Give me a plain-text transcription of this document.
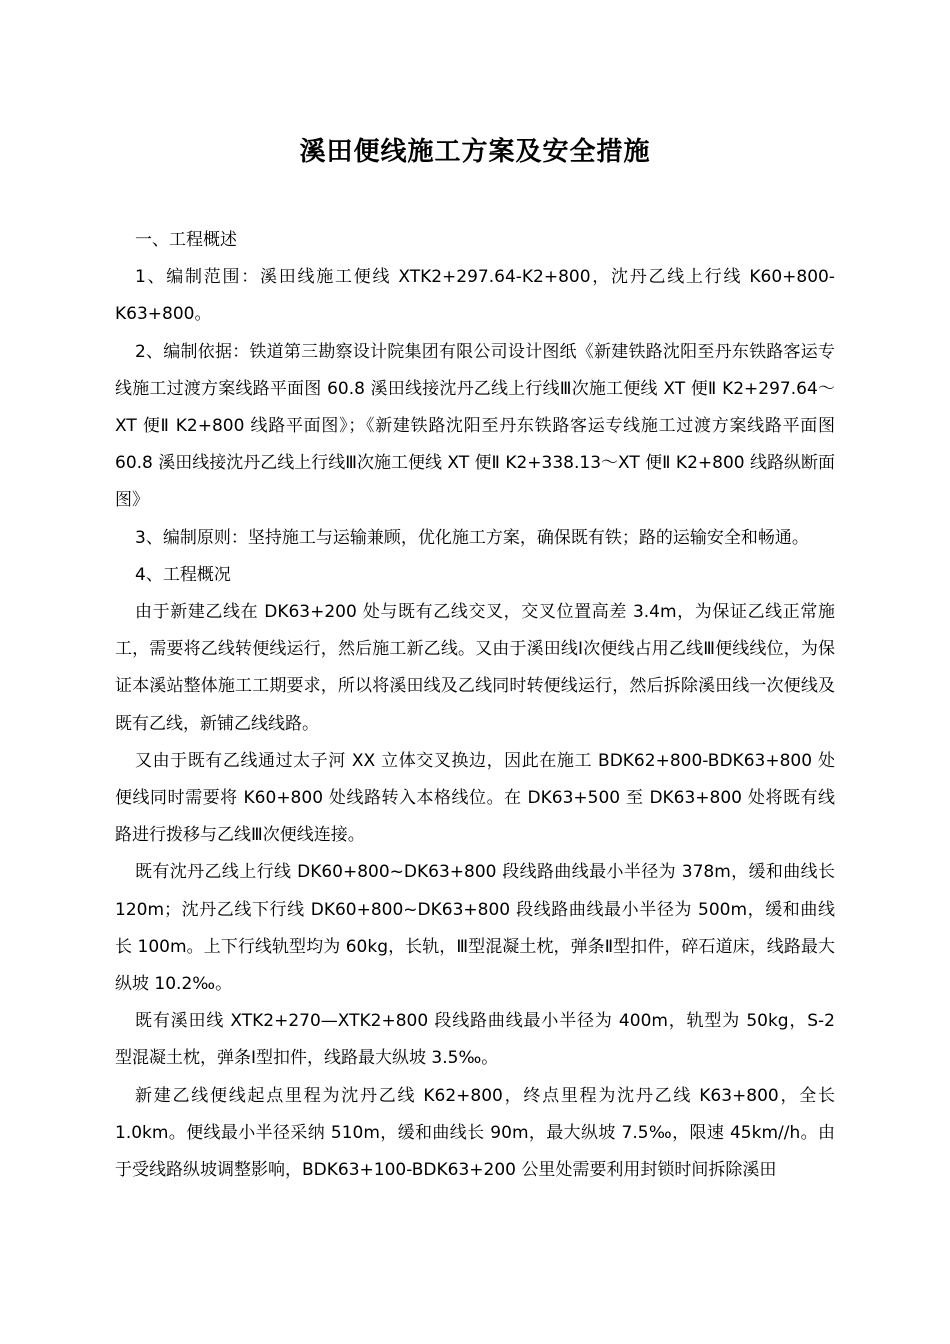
溪田便线施工方案及安全措施

一、工程概述

1、编制范围：溪田线施工便线 XTK2+297.64-K2+800，沈丹乙线上行线 K60+800-K63+800。

2、编制依据：铁道第三勘察设计院集团有限公司设计图纸《新建铁路沈阳至丹东铁路客运专线施工过渡方案线路平面图 60.8 溪田线接沈丹乙线上行线Ⅲ次施工便线 XT 便Ⅱ K2+297.64～XT 便Ⅱ K2+800 线路平面图》；《新建铁路沈阳至丹东铁路客运专线施工过渡方案线路平面图 60.8 溪田线接沈丹乙线上行线Ⅲ次施工便线 XT 便Ⅱ K2+338.13～XT 便Ⅱ K2+800 线路纵断面图》

3、编制原则：坚持施工与运输兼顾，优化施工方案，确保既有铁；路的运输安全和畅通。

4、工程概况

由于新建乙线在 DK63+200 处与既有乙线交叉，交叉位置高差 3.4m，为保证乙线正常施工，需要将乙线转便线运行，然后施工新乙线。又由于溪田线Ⅰ次便线占用乙线Ⅲ便线线位，为保证本溪站整体施工工期要求，所以将溪田线及乙线同时转便线运行，然后拆除溪田线一次便线及既有乙线，新铺乙线线路。

又由于既有乙线通过太子河 XX 立体交叉换边，因此在施工 BDK62+800-BDK63+800 处便线同时需要将 K60+800 处线路转入本格线位。在 DK63+500 至 DK63+800 处将既有线路进行拨移与乙线Ⅲ次便线连接。

既有沈丹乙线上行线 DK60+800~DK63+800 段线路曲线最小半径为 378m，缓和曲线长 120m；沈丹乙线下行线 DK60+800~DK63+800 段线路曲线最小半径为 500m，缓和曲线长 100m。上下行线轨型均为 60kg，长轨，Ⅲ型混凝土枕，弹条Ⅱ型扣件，碎石道床，线路最大纵坡 10.2‰。

既有溪田线 XTK2+270—XTK2+800 段线路曲线最小半径为 400m，轨型为 50kg，S-2 型混凝土枕，弹条Ⅰ型扣件，线路最大纵坡 3.5‰。

新建乙线便线起点里程为沈丹乙线 K62+800，终点里程为沈丹乙线 K63+800，全长 1.0km。便线最小半径采纳 510m，缓和曲线长 90m，最大纵坡 7.5‰，限速 45km//h。由于受线路纵坡调整影响，BDK63+100-BDK63+200 公里处需要利用封锁时间拆除溪田
